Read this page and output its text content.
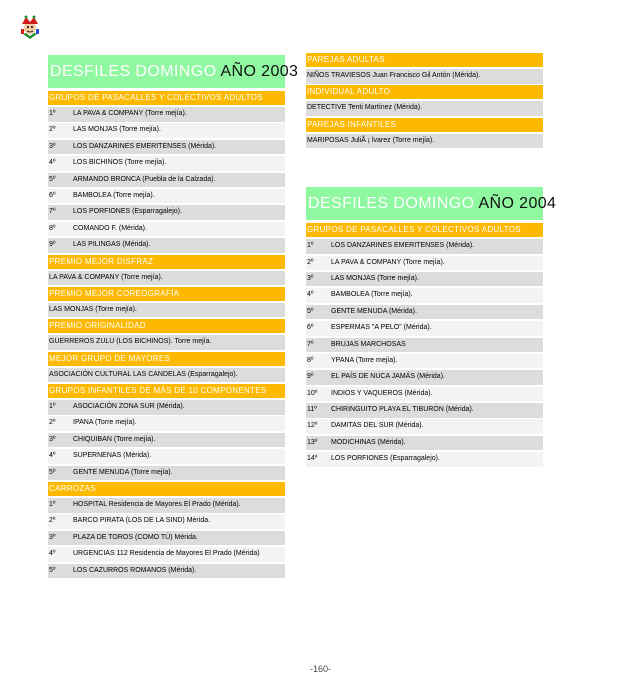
DESFILES DOMINGO AÑO 2003
GRUPOS DE PASACALLES Y COLECTIVOS ADULTOS
1º	LA PAVA & COMPANY (Torre mejía).
2º	LAS MONJAS (Torre mejía).
3º	LOS DANZARINES EMERITENSES (Mérida).
4º	LOS BICHINOS (Torre mejía).
5º	ARMANDO BRONCA (Puebla de la Calzada).
6º	BAMBOLEA (Torre mejía).
7º	LOS PORFIONES (Esparragalejo).
8º	COMANDO F. (Mérida).
9º	LAS PILINGAS (Mérida).
PREMIO MEJOR DISFRAZ
LA PAVA & COMPANY (Torre mejía).
PREMIO MEJOR COREOGRAFÍA
LAS MONJAS (Torre mejía).
PREMIO ORIGINALIDAD
GUERREROS ZULU (LOS BICHINOS). Torre mejía.
MEJOR GRUPO DE MAYORES
ASOCIACIÓN CULTURAL LAS CANDELAS (Esparragalejo).
GRUPOS INFANTILES DE MÁS DE 10 COMPONENTES
1º	ASOCIACIÓN ZONA SUR (Mérida).
2º	IPANA (Torre mejía).
3º	CHIQUIBAN (Torre mejía).
4º	SUPERNENAS (Mérida).
5º	GENTE MENUDA (Torre mejía).
CARROZAS
1º	HOSPITAL Residencia de Mayores El Prado (Mérida).
2º	BARCO PIRATA (LOS DE LA SIND) Mérida.
3º	PLAZA DE TOROS (COMO TÚ) Mérida.
4º	URGENCIAS 112 Residencia de Mayores El Prado (Mérida)
5º	LOS CAZURROS ROMANOS (Mérida).
PAREJAS ADULTAS
NIÑOS TRAVIESOS Juan Francisco Gil Antón (Mérida).
INDIVIDUAL ADULTO
DETECTIVE Tenti Martínez (Mérida).
PAREJAS INFANTILES
MARIPOSAS JuliÃ ¡ lvarez (Torre mejía).
DESFILES DOMINGO AÑO 2004
GRUPOS DE PASACALLES Y COLECTIVOS ADULTOS
1º	LOS DANZARINES EMERITENSES (Mérida).
2º	LA PAVA & COMPANY (Torre mejía).
3º	LAS MONJAS (Torre mejía).
4º	BAMBOLEA (Torre mejía).
5º	GENTE MENUDA (Mérida).
6º	ESPERMAS "A PELO" (Mérida).
7º	BRUJAS MARCHOSAS
8º	YPANA (Torre mejía).
9º	EL PAÍS DE NUCA JAMÁS (Mérida).
10º	INDIOS Y VAQUEROS (Mérida).
11º	CHIRINGUITO PLAYA EL TIBURÓN (Mérida).
12º	DAMITAS DEL SUR (Mérida).
13º	MODICHINAS (Mérida).
14º	LOS PORFIONES (Esparragalejo).
-160-
